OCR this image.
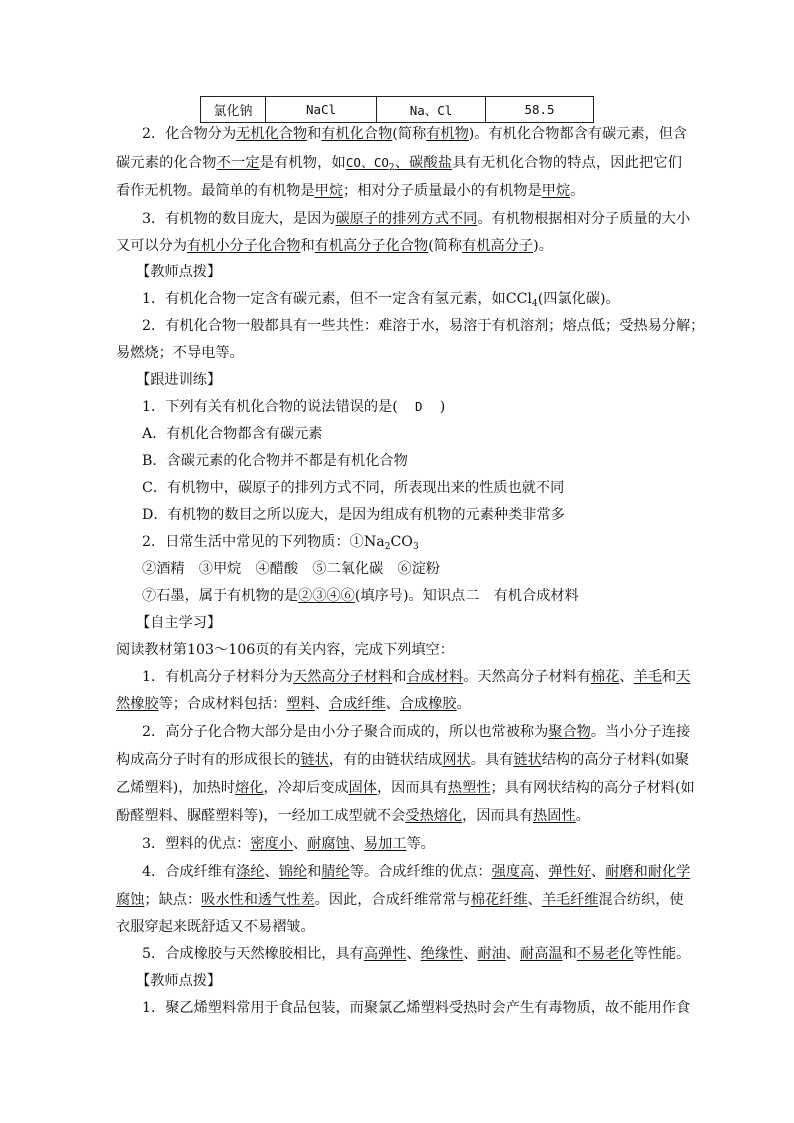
氯化钠	NaCl	Na、Cl	58.5
2．化合物分为无机化合物和有机化合物(简称有机物)。有机化合物都含有碳元素，但含
碳元素的化合物不一定是有机物，如CO、$CO_2$、碳酸盐具有无机化合物的特点，因此把它们
看作无机物。最简单的有机物是甲烷；相对分子质量最小的有机物是甲烷。
3．有机物的数目庞大，是因为碳原子的排列方式不同。有机物根据相对分子质量的大小
又可以分为有机小分子化合物和有机高分子化合物(简称有机高分子)。
【教师点拨】
1．有机化合物一定含有碳元素，但不一定含有氢元素，如CCl$_4$(四氯化碳)。
2．有机化合物一般都具有一些共性：难溶于水，易溶于有机溶剂；熔点低；受热易分解；
易燃烧；不导电等。
【跟进训练】
1．下列有关有机化合物的说法错误的是( D )
A．有机化合物都含有碳元素
B．含碳元素的化合物并不都是有机化合物
C．有机物中，碳原子的排列方式不同，所表现出来的性质也就不同
D．有机物的数目之所以庞大，是因为组成有机物的元素种类非常多
2．日常生活中常见的下列物质：$①Na_2CO_3$
②酒精　③甲烷　④醋酸　⑤二氧化碳　⑥淀粉
⑦石墨，属于有机物的是②③④⑥(填序号)。知识点二　有机合成材料
【自主学习】
阅读教材第103～106页的有关内容，完成下列填空：
1．有机高分子材料分为天然高分子材料和合成材料。天然高分子材料有棉花、羊毛和天
然橡胶等；合成材料包括：塑料、合成纤维、合成橡胶。
2．高分子化合物大部分是由小分子聚合而成的，所以也常被称为聚合物。当小分子连接
构成高分子时有的形成很长的链状，有的由链状结成网状。具有链状结构的高分子材料(如聚
乙烯塑料)，加热时熔化，冷却后变成固体，因而具有热塑性；具有网状结构的高分子材料(如
酚醛塑料、脲醛塑料等)，一经加工成型就不会受热熔化，因而具有热固性。
3．塑料的优点：密度小、耐腐蚀、易加工等。
4．合成纤维有涤纶、锦纶和腈纶等。合成纤维的优点：强度高、弹性好、耐磨和耐化学
腐蚀；缺点：吸水性和透气性差。因此，合成纤维常常与棉花纤维、羊毛纤维混合纺织，使
衣服穿起来既舒适又不易褶皱。
5．合成橡胶与天然橡胶相比，具有高弹性、绝缘性、耐油、耐高温和不易老化等性能。
【教师点拨】
1．聚乙烯塑料常用于食品包装，而聚氯乙烯塑料受热时会产生有毒物质，故不能用作食
